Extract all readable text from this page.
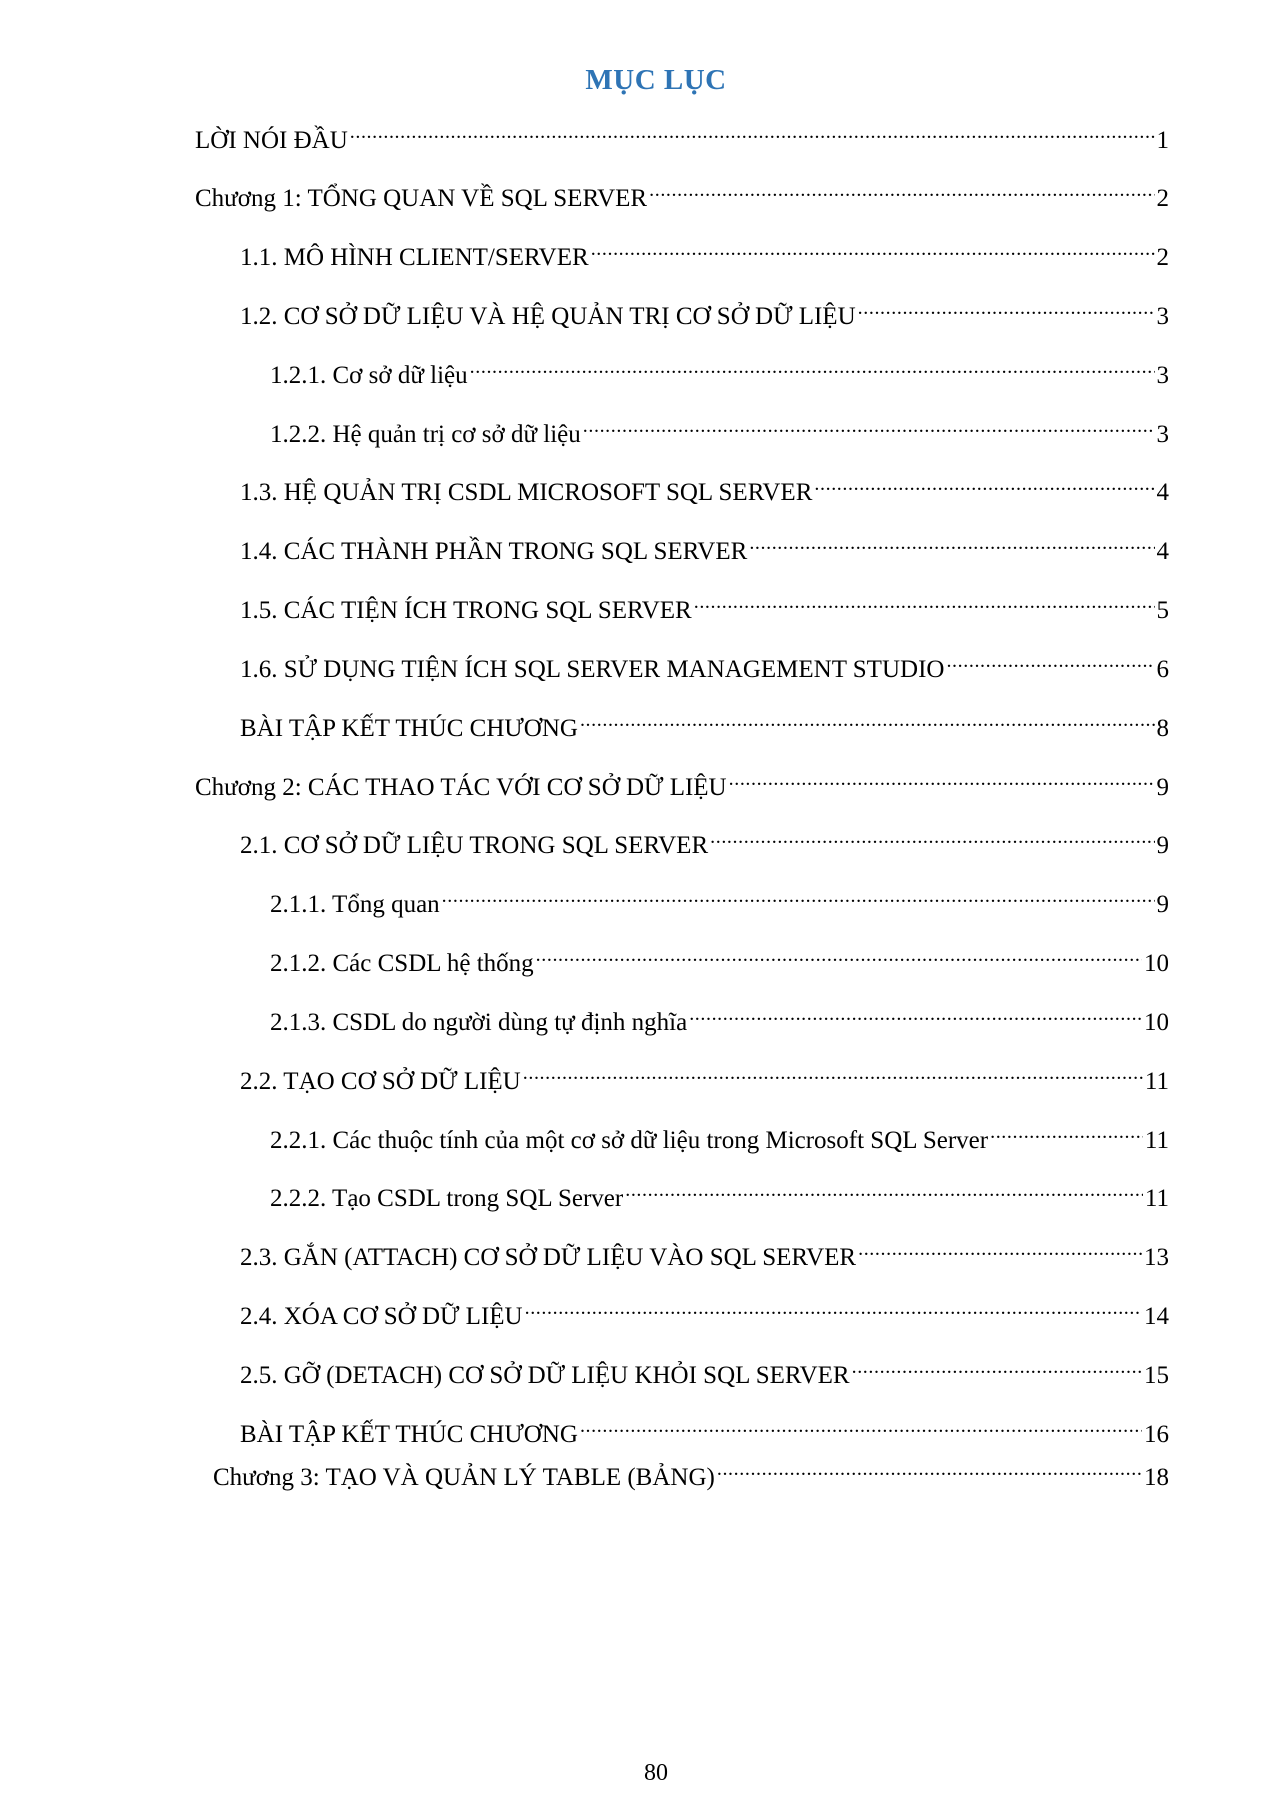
MỤC LỤC
LỜI NÓI ĐẦU .....	1
Chương 1: TỔNG QUAN VỀ SQL SERVER .....	2
1.1. MÔ HÌNH CLIENT/SERVER .....	2
1.2. CƠ SỞ DỮ LIỆU VÀ HỆ QUẢN TRỊ CƠ SỞ DỮ LIỆU .....	3
1.2.1. Cơ sở dữ liệu .....	3
1.2.2. Hệ quản trị cơ sở dữ liệu .....	3
1.3. HỆ QUẢN TRỊ CSDL MICROSOFT SQL SERVER .....	4
1.4. CÁC THÀNH PHẦN TRONG SQL SERVER .....	4
1.5. CÁC TIỆN ÍCH TRONG SQL SERVER .....	5
1.6. SỬ DỤNG TIỆN ÍCH SQL SERVER MANAGEMENT STUDIO .....	6
BÀI TẬP KẾT THÚC CHƯƠNG .....	8
Chương 2: CÁC THAO TÁC VỚI CƠ SỞ DỮ LIỆU .....	9
2.1. CƠ SỞ DỮ LIỆU TRONG SQL SERVER .....	9
2.1.1. Tổng quan .....	9
2.1.2. Các CSDL hệ thống .....	10
2.1.3. CSDL do người dùng tự định nghĩa .....	10
2.2. TẠO CƠ SỞ DỮ LIỆU .....	11
2.2.1. Các thuộc tính của một cơ sở dữ liệu trong Microsoft SQL Server .....	11
2.2.2. Tạo CSDL trong SQL Server .....	11
2.3. GẮN (ATTACH) CƠ SỞ DỮ LIỆU VÀO SQL SERVER .....	13
2.4. XÓA CƠ SỞ DỮ LIỆU .....	14
2.5. GỠ (DETACH) CƠ SỞ DỮ LIỆU KHỎI SQL SERVER .....	15
BÀI TẬP KẾT THÚC CHƯƠNG .....	16
Chương 3: TẠO VÀ QUẢN LÝ TABLE (BẢNG) .....	18
80
